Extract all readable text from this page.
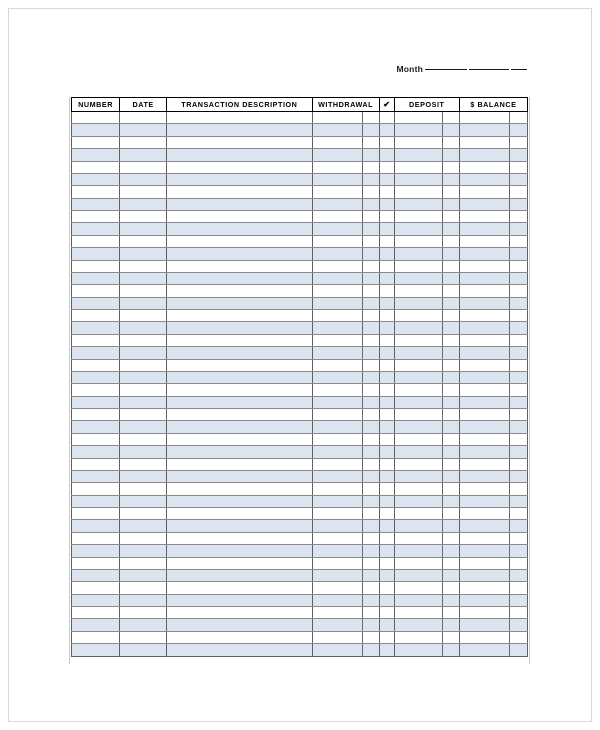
Month
NUMBER	DATE	TRANSACTION DESCRIPTION	WITHDRAWAL		✔	DEPOSIT		$ BALANCE	
